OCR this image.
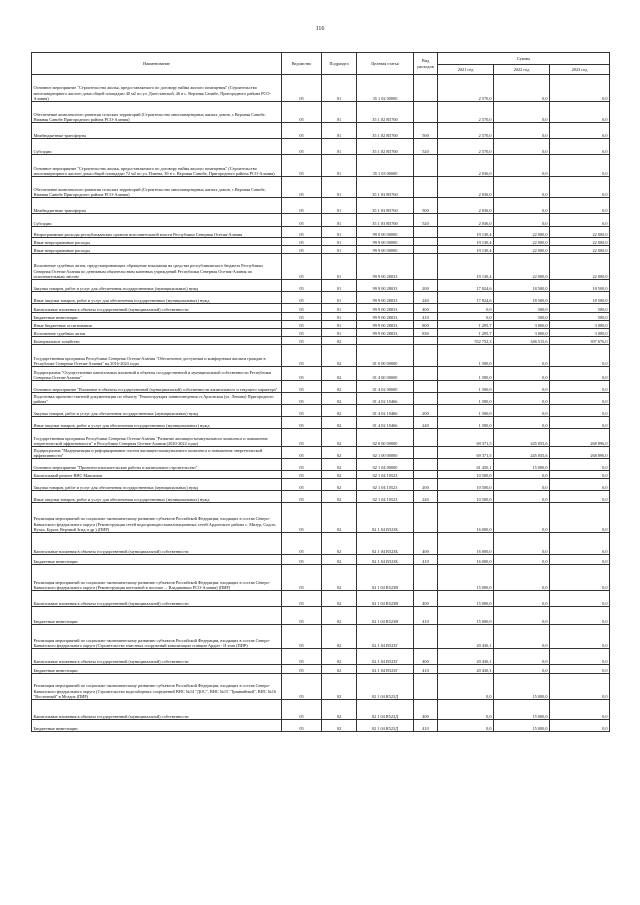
116
Наименование	Ведомство	Подраздел	Целевая статья	Вид расходов	Суммы		
					2021 год	2022 год	2023 год
Основное мероприятие "Строительство жилья, предоставляемого по договору найма жилого помещения" (Строительство многоквартирного жилого дома общей площадью 40 м2 по ул. Дагестанской, 46 в с. Верхняя Санибе, Пригородного района РСО-Алания)	05	01	35 1 02 00000		2 570,0	0,0	0,0
Обеспечение комплексного развития сельских территорий (Строительство многоквартирных жилых домов, с.Верхняя Санибе, Нижняя Санибе Пригородного района РСО-Алания)	05	01	35 1 02 R5760		2 570,0	0,0	0,0
Межбюджетные трансферты	05	01	35 1 02 R5760	500	2 570,0	0,0	0,0
Субсидии	05	01	35 1 02 R5760	520	2 570,0	0,0	0,0
Основное мероприятие "Строительство жилья, предоставляемого по договору найма жилого помещения" (Строительство многоквартирного жилого дома общей площадью 72 м2 по ул. Плиева, 39 в с. Верхняя Санибе, Пригородного района РСО-Алания)	05	01	35 1 03 00000		2 036,0	0,0	0,0
Обеспечение комплексного развития сельских территорий (Строительство многоквартирных жилых домов, с.Верхняя Санибе, Нижняя Санибе Пригородного района РСО-Алания)	05	01	35 1 03 R5760		2 036,0	0,0	0,0
Межбюджетные трансферты	05	01	35 1 03 R5760	500	2 036,0	0,0	0,0
Субсидии	05	01	35 1 03 R5760	520	2 036,0	0,0	0,0
Непрограммные расходы республиканских органов исполнительной власти Республики Северная Осетия-Алания	05	01	99 0 00 00000		19 130,4	22 000,0	22 000,0
Иные непрограммные расходы	05	01	99 9 00 00000		19 130,4	22 000,0	22 000,0
Иные непрограммные расходы	05	01	99 9 00 00000		19 130,4	22 000,0	22 000,0
Исполнение судебных актов, предусматривающих обращение взыскания на средства республиканского бюджета Республики Северная Осетия-Алания по денежным обязательствам казенных учреждений Республики Северная Осетия-Алания по исполнительным листам	05	01	99 9 00 28033		19 130,4	22 000,0	22 000,0
Закупка товаров, работ и услуг для обеспечения государственных (муниципальных) нужд	05	01	99 9 00 28033	200	17 824,6	18 500,0	18 500,0
Иные закупки товаров, работ и услуг для обеспечения государственных (муниципальных) нужд	05	01	99 9 00 28033	240	17 824,6	18 500,0	18 500,0
Капитальные вложения в объекты государственной (муниципальной) собственности	05	01	99 9 00 28033	400	0,0	500,0	500,0
Бюджетные инвестиции	05	01	99 9 00 28033	410	0,0	500,0	500,0
Иные бюджетные ассигнования	05	01	99 9 00 28033	800	1 295,7	3 000,0	3 000,0
Исполнение судебных актов	05	01	99 9 00 28033	830	1 295,7	3 000,0	3 000,0
Коммунальное хозяйство	05	02			552 752,3	346 515,6	397 676,0
Государственная программа Республики Северная Осетия-Алания "Обеспечение доступным и комфортным жильем граждан в Республике Северная Осетия-Алания" на 2016-2024 годы	05	02	01 0 00 00000		1 500,0	0,0	0,0
Подпрограмма "Осуществление капитальных вложений в объекты государственной и муниципальной собственности Республики Северная Осетия-Алания"	05	02	01 4 00 00000		1 500,0	0,0	0,0
Основное мероприятие "Вложение в объекты государственной (муниципальной) собственности капитального и текущего характера"	05	02	01 4 02 00000		1 500,0	0,0	0,0
Подготовка проектно-сметной документации по объекту "Реконструкция ливнеотведения ст.Архонская (ул. Ленина) Пригородного района"	05	02	01 4 02 10466		1 500,0	0,0	0,0
Закупка товаров, работ и услуг для обеспечения государственных (муниципальных) нужд	05	02	01 4 02 10466	200	1 500,0	0,0	0,0
Иные закупки товаров, работ и услуг для обеспечения государственных (муниципальных) нужд	05	02	01 4 02 10466	240	1 500,0	0,0	0,0
Государственная программа Республики Северная Осетия-Алания "Развитие жилищно-коммунального комплекса и повышение энергетической эффективности" в Республике Северная Осетия-Алания (2020-2022 годы)	05	02	02 0 00 00000		69 371,5	245 055,6	268 896,0
Подпрограмма "Модернизация и реформирование систем жилищно-коммунального комплекса и повышение энергетической эффективности"	05	02	02 1 00 00000		69 371,5	245 055,6	268 896,0
Основное мероприятие "Проектно-изыскательские работы и капитальное строительство"	05	02	02 1 04 00000		61 450,1	15 000,0	0,0
Капитальный ремонт ВНС Максимов	05	02	02 1 04 10523		10 500,0	0,0	0,0
Закупка товаров, работ и услуг для обеспечения государственных (муниципальных) нужд	05	02	02 1 04 10523	200	10 500,0	0,0	0,0
Иные закупки товаров, работ и услуг для обеспечения государственных (муниципальных) нужд	05	02	02 1 04 10523	240	10 500,0	0,0	0,0
Реализация мероприятий по социально-экономическому развитию субъектов Российской Федерации, входящих в состав Северо-Кавказского федерального округа (Реконструкция сетей водопроводно-канализационных сетей Ардонского района с. Мизур, Садон, Нузал, Бурон, Верхний Згид и др.) (ПИР)	05	02	02 1 04 R523Б		16 000,0	0,0	0,0
Капитальные вложения в объекты государственной (муниципальной) собственности	05	02	02 1 04 R523Б	400	16 000,0	0,0	0,0
Бюджетные инвестиции	05	02	02 1 04 R523Б	410	16 000,0	0,0	0,0
Реализация мероприятий по социально-экономическому развитию субъектов Российской Федерации, входящих в состав Северо-Кавказского федерального округа (Реконструкция котельной в поселке ... Владикавказ РСО-Алания) (ПИР)	05	02	02 1 04 R523В		15 000,0	0,0	0,0
Капитальные вложения в объекты государственной (муниципальной) собственности	05	02	02 1 04 R523В	400	15 000,0	0,0	0,0
Бюджетные инвестиции	05	02	02 1 04 R523В	410	15 000,0	0,0	0,0
Реализация мероприятий по социально-экономическому развитию субъектов Российской Федерации, входящих в состав Северо-Кавказского федерального округа (Строительство очистных сооружений канализации станции Ардон - II этап (ПИР)	05	02	02 1 04 R523Г		20 430,1	0,0	0,0
Капитальные вложения в объекты государственной (муниципальной) собственности	05	02	02 1 04 R523Г	400	20 430,1	0,0	0,0
Бюджетные инвестиции	05	02	02 1 04 R523Г	410	20 430,1	0,0	0,0
Реализация мероприятий по социально-экономическому развитию субъектов Российской Федерации, входящих в состав Северо-Кавказского федерального округа (Строительство водозаборных сооружений ВНС №14 "ДОС", ВНС №15 "Трамвайный", ВНС №16 "Восточный" в Моздок (ПИР)	05	02	02 1 04 R523Д		0,0	15 000,0	0,0
Капитальные вложения в объекты государственной (муниципальной) собственности	05	02	02 1 04 R523Д	400	0,0	15 000,0	0,0
Бюджетные инвестиции	05	02	02 1 04 R523Д	410	0,0	15 000,0	0,0
